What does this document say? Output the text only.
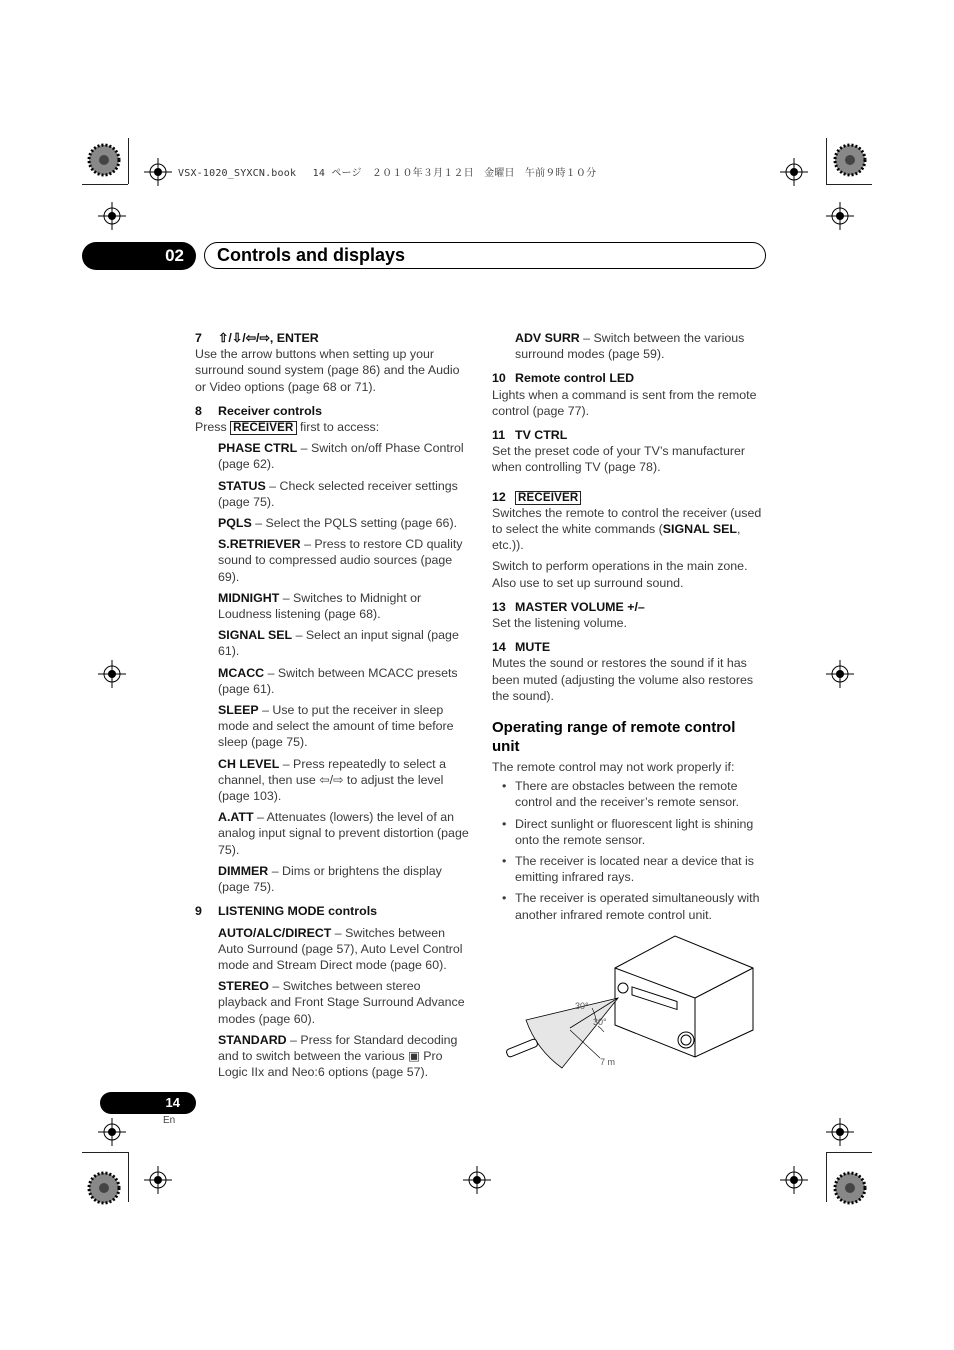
VSX-1020_SYXCN.book　 14 ページ　２０１０年３月１２日　金曜日　午前９時１０分
02	Controls and displays
7 ⇧/⇩/⇦/⇨, ENTER

Use the arrow buttons when setting up your surround sound system (page 86) and the Audio or Video options (page 68 or 71).

8 Receiver controls

Press RECEIVER first to access:

PHASE CTRL – Switch on/off Phase Control (page 62).

STATUS – Check selected receiver settings (page 75).

PQLS – Select the PQLS setting (page 66).

S.RETRIEVER – Press to restore CD quality sound to compressed audio sources (page 69).

MIDNIGHT – Switches to Midnight or Loudness listening (page 68).

SIGNAL SEL – Select an input signal (page 61).

MCACC – Switch between MCACC presets (page 61).

SLEEP – Use to put the receiver in sleep mode and select the amount of time before sleep (page 75).

CH LEVEL – Press repeatedly to select a channel, then use ⇦/⇨ to adjust the level (page 103).

A.ATT – Attenuates (lowers) the level of an analog input signal to prevent distortion (page 75).

DIMMER – Dims or brightens the display (page 75).

9 LISTENING MODE controls

AUTO/ALC/DIRECT – Switches between Auto Surround (page 57), Auto Level Control mode and Stream Direct mode (page 60).

STEREO – Switches between stereo playback and Front Stage Surround Advance modes (page 60).

STANDARD – Press for Standard decoding and to switch between the various ▣ Pro Logic IIx and Neo:6 options (page 57).

ADV SURR – Switch between the various surround modes (page 59).

10 Remote control LED

Lights when a command is sent from the remote control (page 77).

11 TV CTRL

Set the preset code of your TV’s manufacturer when controlling TV (page 78).

12 RECEIVER

Switches the remote to control the receiver (used to select the white commands (SIGNAL SEL, etc.)).

Switch to perform operations in the main zone. Also use to set up surround sound.

13 MASTER VOLUME +/–

Set the listening volume.

14 MUTE

Mutes the sound or restores the sound if it has been muted (adjusting the volume also restores the sound).

Operating range of remote control unit

The remote control may not work properly if:

• There are obstacles between the remote control and the receiver’s remote sensor.
• Direct sunlight or fluorescent light is shining onto the remote sensor.
• The receiver is located near a device that is emitting infrared rays.
• The receiver is operated simultaneously with another infrared remote control unit.
30°
30°
7 m
14
En
